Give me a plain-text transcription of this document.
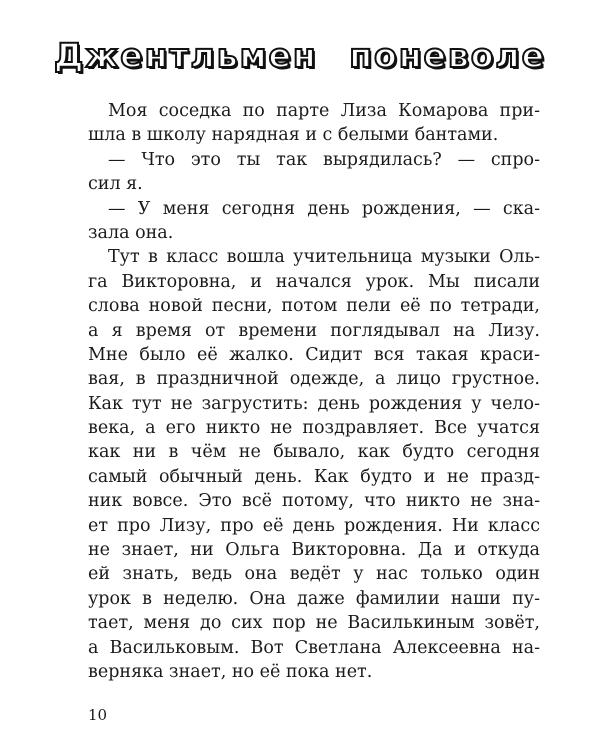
Джентльмен поневоле
Моя соседка по парте Лиза Комарова при-
шла в школу нарядная и с белыми бантами.
— Что это ты так вырядилась? — спро-
сил я.
— У меня сегодня день рождения, — ска-
зала она.
Тут в класс вошла учительница музыки Оль-
га Викторовна, и начался урок. Мы писали
слова новой песни, потом пели её по тетради,
а я время от времени поглядывал на Лизу.
Мне было её жалко. Сидит вся такая краси-
вая, в праздничной одежде, а лицо грустное.
Как тут не загрустить: день рождения у чело-
века, а его никто не поздравляет. Все учатся
как ни в чём не бывало, как будто сегодня
самый обычный день. Как будто и не празд-
ник вовсе. Это всё потому, что никто не зна-
ет про Лизу, про её день рождения. Ни класс
не знает, ни Ольга Викторовна. Да и откуда
ей знать, ведь она ведёт у нас только один
урок в неделю. Она даже фамилии наши пу-
тает, меня до сих пор не Василькиным зовёт,
а Васильковым. Вот Светлана Алексеевна на-
верняка знает, но её пока нет.
10
